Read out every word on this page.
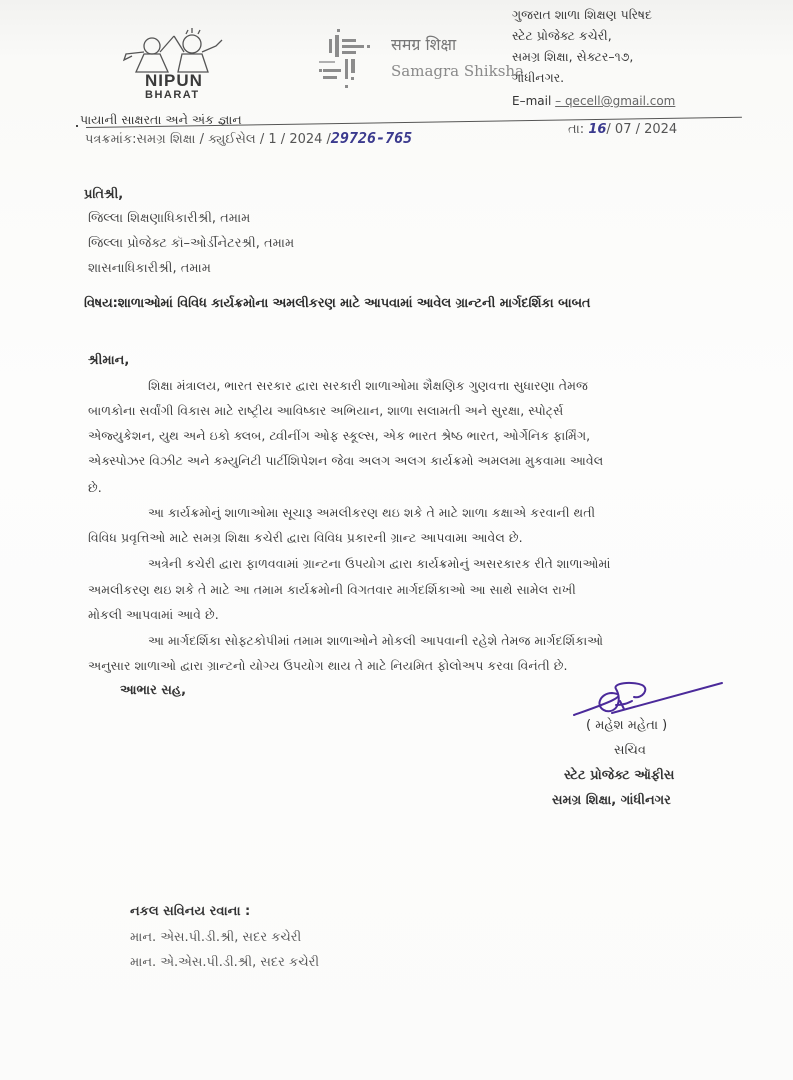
NIPUN
BHARAT
समग्र शिक्षा
Samagra Shiksha
ગુજરાત શાળા શિક્ષણ પરિષદ
સ્ટેટ પ્રોજેક્ટ કચેરી,
સમગ્ર શિક્ષા, સેક્ટર–૧૭,
ગાંધીનગર.
E–mail – qecell@gmail.com
પાયાની સાક્ષરતા અને અંક જ્ઞાન
પત્રક્રમાંક:સમગ્ર શિક્ષા / ક્યુઈસેલ / 1 / 2024 /29726-765	તા: 16/ 07 / 2024
પ્રતિશ્રી,
જિલ્લા શિક્ષણાધિકારીશ્રી, તમામ
જિલ્લા પ્રોજેક્ટ કૉ–ઓર્ડીનેટરશ્રી, તમામ
શાસનાધિકારીશ્રી, તમામ
વિષય:શાળાઓમાં વિવિધ કાર્યક્રમોના અમલીકરણ માટે આપવામાં આવેલ ગ્રાન્ટની માર્ગદર્શિકા બાબત
શ્રીમાન,
શિક્ષા મંત્રાલય, ભારત સરકાર દ્વારા સરકારી શાળાઓમા શૈક્ષણિક ગુણવત્તા સુધારણા તેમજ
બાળકોના સર્વાંગી વિકાસ માટે રાષ્ટ્રીય આવિષ્કાર અભિયાન, શાળા સલામતી અને સુરક્ષા, સ્પોર્ટ્સ
એજ્યુકેશન, યુથ અને ઇકો ક્લબ, ટ્વીનીંગ ઓફ સ્કૂલ્સ, એક ભારત શ્રેષ્ઠ ભારત, ઓર્ગેનિક ફાર્મિંગ,
એક્સ્પોઝર વિઝીટ અને કમ્યુનિટી પાર્ટીશિપેશન જેવા અલગ અલગ કાર્યક્રમો અમલમા મુકવામા આવેલ
છે.
આ કાર્યક્રમોનું શાળાઓમા સૂચારૂ અમલીકરણ થઇ શકે તે માટે શાળા કક્ષાએ કરવાની થતી
વિવિધ પ્રવૃત્તિઓ માટે સમગ્ર શિક્ષા કચેરી દ્વારા વિવિધ પ્રકારની ગ્રાન્ટ આપવામા આવેલ છે.
અત્રેની કચેરી દ્વારા ફાળવવામાં ગ્રાન્ટના ઉપયોગ દ્વારા કાર્યક્રમોનું અસરકારક રીતે શાળાઓમાં
અમલીકરણ થઇ શકે તે માટે આ તમામ કાર્યક્રમોની વિગતવાર માર્ગદર્શિકાઓ આ સાથે સામેલ રાખી
મોકલી આપવામાં આવે છે.
આ માર્ગદર્શિકા સોફ્ટકોપીમાં તમામ શાળાઓને મોકલી આપવાની રહેશે તેમજ માર્ગદર્શિકાઓ
અનુસાર શાળાઓ દ્વારા ગ્રાન્ટનો યોગ્ય ઉપયોગ થાય તે માટે નિયમિત ફોલોઅપ કરવા વિનંતી છે.
આભાર સહ,
( મહેશ મહેતા )
સચિવ
સ્ટેટ પ્રોજેક્ટ ઑફીસ
સમગ્ર શિક્ષા, ગાંધીનગર
નકલ સવિનય રવાના :
માન. એસ.પી.ડી.શ્રી, સદર કચેરી
માન. એ.એસ.પી.ડી.શ્રી, સદર કચેરી
